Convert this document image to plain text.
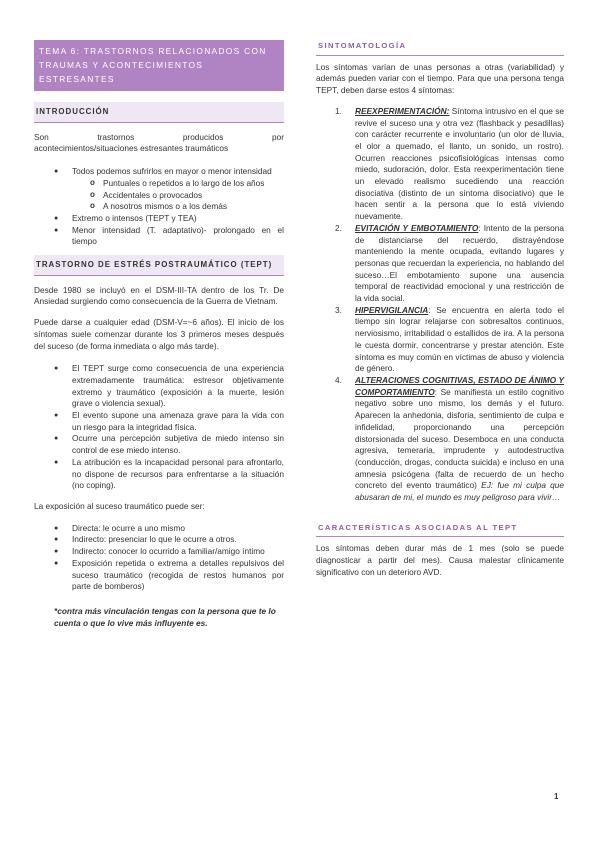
TEMA 6: TRASTORNOS RELACIONADOS CON
TRAUMAS Y ACONTECIMIENTOS ESTRESANTES
INTRODUCCIÓN
Son	trastornos	producidos	por

acontecimientos/situaciones estresantes traumáticos

● Todos podemos sufrirlos en mayor o menor intensidad
o Puntuales o repetidos a lo largo de los años
o Accidentales o provocados
o A nosotros mismos o a los demás
● Extremo o intensos (TEPT y TEA)
● Menor intensidad (T. adaptativo)- prolongado en el tiempo
TRASTORNO DE ESTRÉS POSTRAUMÁTICO (TEPT)

Desde 1980 se incluyó en el DSM-III-TA dentro de los Tr. De Ansiedad surgiendo como consecuencia de la Guerra de Vietnam.

Puede darse a cualquier edad (DSM-V=~6 años). El inicio de los síntomas suele comenzar durante los 3 primeros meses después del suceso (de forma inmediata o algo más tarde).

● El TEPT surge como consecuencia de una experiencia extremadamente traumática: estresor objetivamente extremo y traumático (exposición a la muerte, lesión grave o violencia sexual).
● El evento supone una amenaza grave para la vida con un riesgo para la integridad física.
● Ocurre una percepción subjetiva de miedo intenso sin control de ese miedo intenso.
● La atribución es la incapacidad personal para afrontarlo, no dispone de recursos para enfrentarse a la situación (no coping).

La exposición al suceso traumático puede ser:

● Directa: le ocurre a uno mismo
● Indirecto: presenciar lo que le ocurre a otros.
● Indirecto: conocer lo ocurrido a familiar/amigo íntimo
● Exposición repetida o extrema a detalles repulsivos del suceso traumático (recogida de restos humanos por parte de bomberos)

*contra más vinculación tengas con la persona que te lo cuenta o que lo vive más influyente es.

SINTOMATOLOGÍA

Los síntomas varían de unas personas a otras (variabilidad) y además pueden variar con el tiempo. Para que una persona tenga TEPT, deben darse estos 4 síntomas:

1. REEXPERIMENTACIÓN: Síntoma intrusivo en el que se revive el suceso una y otra vez (flashback y pesadillas) con carácter recurrente e involuntario (un olor de lluvia, el olor a quemado, el llanto, un sonido, un rostro). Ocurren reacciones psicofisiológicas intensas como miedo, sudoración, dolor. Esta reexperimentación tiene un elevado realismo sucediendo una reacción disociativa (distinto de un síntoma disociativo) que le hacen sentir a la persona que lo está viviendo nuevamente.
2. EVITACIÓN Y EMBOTAMIENTO: Intento de la persona de distanciarse del recuerdo, distrayéndose manteniendo la mente ocupada, evitando lugares y personas que recuerdan la experiencia, no hablando del suceso…El embotamiento supone una ausencia temporal de reactividad emocional y una restricción de la vida social.
3. HIPERVIGILANCIA: Se encuentra en alerta todo el tiempo sin lograr relajarse con sobresaltos continuos, nerviosismo, irritabilidad o estallidos de ira. A la persona le cuesta dormir, concentrarse y prestar atención. Este síntoma es muy común en víctimas de abuso y violencia de género.
4. ALTERACIONES COGNITIVAS, ESTADO DE ÁNIMO Y COMPORTAMIENTO: Se manifiesta un estilo cognitivo negativo sobre uno mismo, los demás y el futuro. Aparecen la anhedonia, disforia, sentimiento de culpa e infidelidad, proporcionando una percepción distorsionada del suceso. Desemboca en una conducta agresiva, temeraria, imprudente y autodestructiva (conducción, drogas, conducta suicida) e incluso en una amnesia psicógena (falta de recuerdo de un hecho concreto del evento traumático) EJ: fue mi culpa que abusaran de mi, el mundo es muy peligroso para vivir…
CARACTERÍSTICAS ASOCIADAS AL TEPT

Los síntomas deben durar más de 1 mes (solo se puede diagnosticar a partir del mes). Causa malestar clínicamente significativo con un deterioro AVD.

1
